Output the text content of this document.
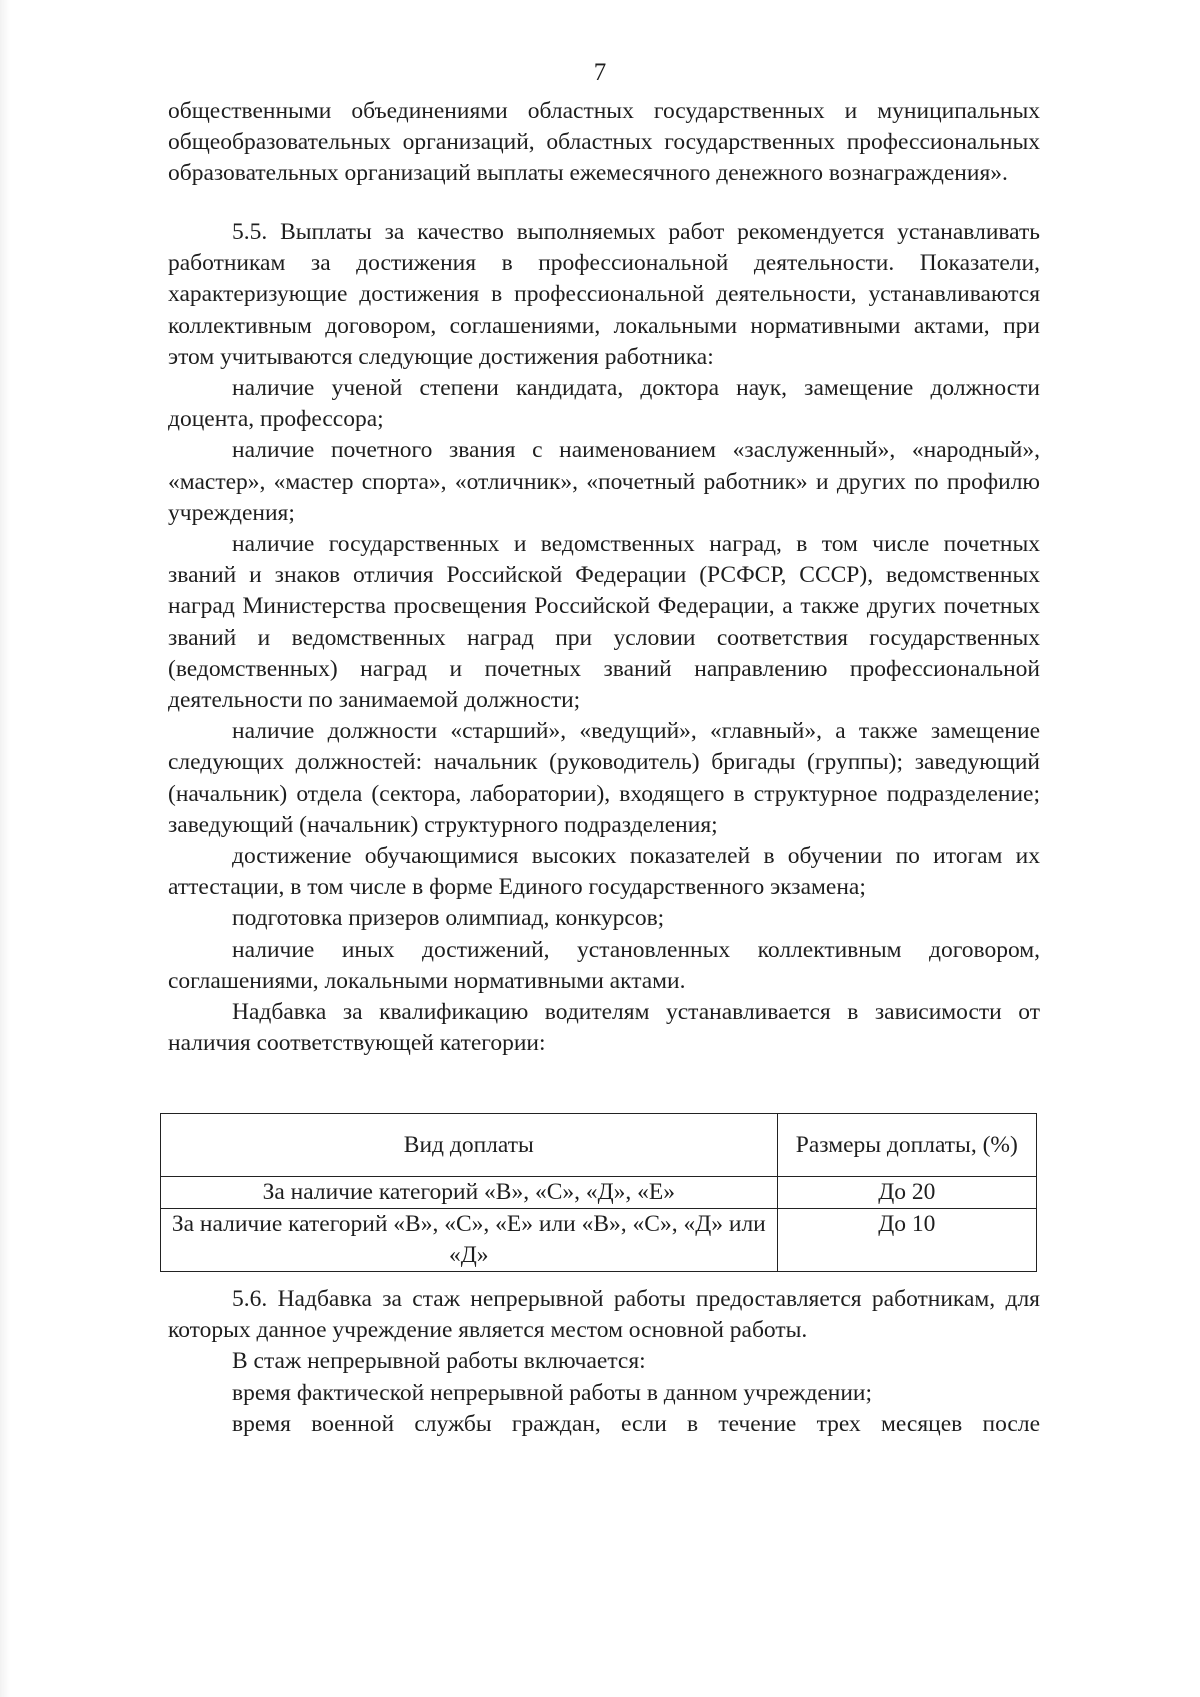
7

общественными объединениями областных государственных и муниципальных общеобразовательных организаций, областных государственных профессиональных образовательных организаций выплаты ежемесячного денежного вознаграждения».

5.5. Выплаты за качество выполняемых работ рекомендуется устанавливать работникам за достижения в профессиональной деятельности. Показатели, характеризующие достижения в профессиональной деятельности, устанавливаются коллективным договором, соглашениями, локальными нормативными актами, при этом учитываются следующие достижения работника:

наличие ученой степени кандидата, доктора наук, замещение должности доцента, профессора;

наличие почетного звания с наименованием «заслуженный», «народный», «мастер», «мастер спорта», «отличник», «почетный работник» и других по профилю учреждения;

наличие государственных и ведомственных наград, в том числе почетных званий и знаков отличия Российской Федерации (РСФСР, СССР), ведомственных наград Министерства просвещения Российской Федерации, а также других почетных званий и ведомственных наград при условии соответствия государственных (ведомственных) наград и почетных званий направлению профессиональной деятельности по занимаемой должности;

наличие должности «старший», «ведущий», «главный», а также замещение следующих должностей: начальник (руководитель) бригады (группы); заведующий (начальник) отдела (сектора, лаборатории), входящего в структурное подразделение; заведующий (начальник) структурного подразделения;

достижение обучающимися высоких показателей в обучении по итогам их аттестации, в том числе в форме Единого государственного экзамена;

подготовка призеров олимпиад, конкурсов;

наличие иных достижений, установленных коллективным договором, соглашениями, локальными нормативными актами.

Надбавка за квалификацию водителям устанавливается в зависимости от наличия соответствующей категории:

Вид доплаты	Размеры доплаты, (%)
За наличие категорий «В», «С», «Д», «Е»	До 20
За наличие категорий «В», «С», «Е» или «В», «С», «Д» или «Д»	До 10

5.6. Надбавка за стаж непрерывной работы предоставляется работникам, для которых данное учреждение является местом основной работы.

В стаж непрерывной работы включается:

время фактической непрерывной работы в данном учреждении;

время военной службы граждан, если в течение трех месяцев после
